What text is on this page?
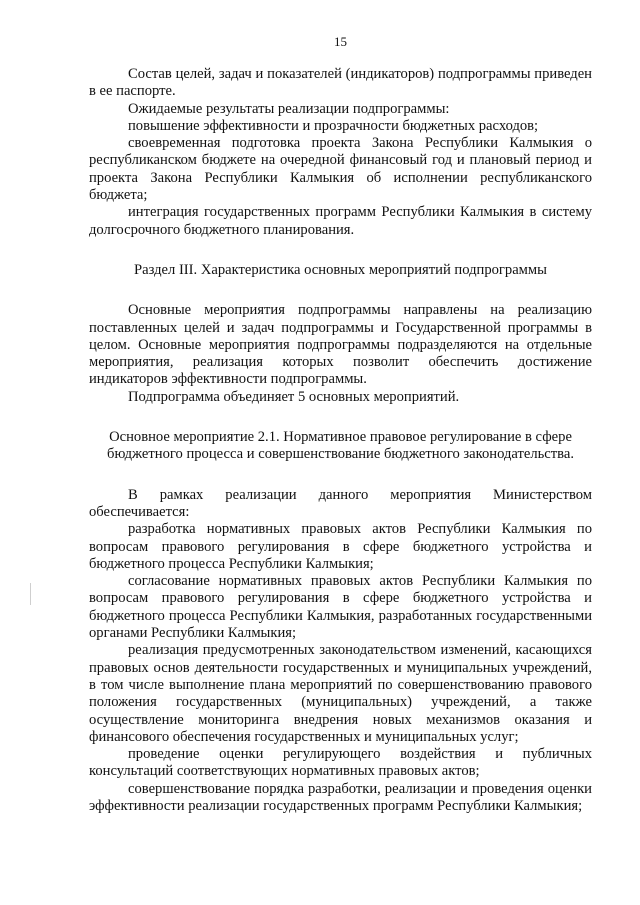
15

Состав целей, задач и показателей (индикаторов) подпрограммы приведен в ее паспорте.

Ожидаемые результаты реализации подпрограммы:

повышение эффективности и прозрачности бюджетных расходов;

своевременная подготовка проекта Закона Республики Калмыкия о республиканском бюджете на очередной финансовый год и плановый период и проекта Закона Республики Калмыкия об исполнении республиканского бюджета;

интеграция государственных программ Республики Калмыкия в систему долгосрочного бюджетного планирования.

Раздел III. Характеристика основных мероприятий подпрограммы

Основные мероприятия подпрограммы направлены на реализацию поставленных целей и задач подпрограммы и Государственной программы в целом. Основные мероприятия подпрограммы подразделяются на отдельные мероприятия, реализация которых позволит обеспечить достижение индикаторов эффективности подпрограммы.

Подпрограмма объединяет 5 основных мероприятий.

Основное мероприятие 2.1. Нормативное правовое регулирование в сфере бюджетного процесса и совершенствование бюджетного законодательства.

В рамках реализации данного мероприятия Министерством обеспечивается:

разработка нормативных правовых актов Республики Калмыкия по вопросам правового регулирования в сфере бюджетного устройства и бюджетного процесса Республики Калмыкия;

согласование нормативных правовых актов Республики Калмыкия по вопросам правового регулирования в сфере бюджетного устройства и бюджетного процесса Республики Калмыкия, разработанных государственными органами Республики Калмыкия;

реализация предусмотренных законодательством изменений, касающихся правовых основ деятельности государственных и муниципальных учреждений, в том числе выполнение плана мероприятий по совершенствованию правового положения государственных (муниципальных) учреждений, а также осуществление мониторинга внедрения новых механизмов оказания и финансового обеспечения государственных и муниципальных услуг;

проведение оценки регулирующего воздействия и публичных консультаций соответствующих нормативных правовых актов;

совершенствование порядка разработки, реализации и проведения оценки эффективности реализации государственных программ Республики Калмыкия;
